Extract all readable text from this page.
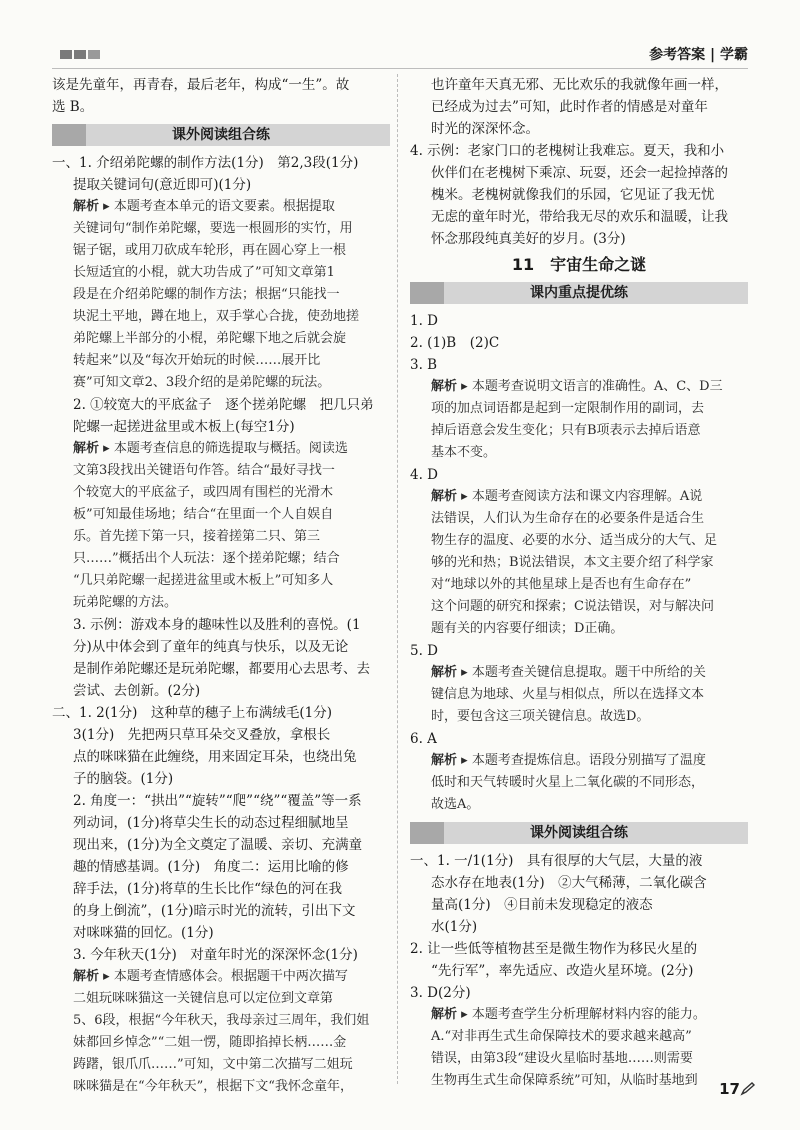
参考答案 | 学霸

该是先童年，再青春，最后老年，构成“一生”。故

选 B。

课外阅读组合练

一、1. 介绍弟陀螺的制作方法(1分)　第2,3段(1分)

提取关键词句(意近即可)(1分)

解析 ▸ 本题考查本单元的语文要素。根据提取

关键词句“制作弟陀螺，要选一根圆形的实竹，用

锯子锯，或用刀砍成车轮形，再在圆心穿上一根

长短适宜的小棍，就大功告成了”可知文章第1

段是在介绍弟陀螺的制作方法；根据“只能找一

块泥土平地，蹲在地上，双手掌心合拢，使劲地搓

弟陀螺上半部分的小棍，弟陀螺下地之后就会旋

转起来”以及“每次开始玩的时候……展开比

赛”可知文章2、3段介绍的是弟陀螺的玩法。

2. ①较宽大的平底盆子　逐个搓弟陀螺　把几只弟

陀螺一起搓进盆里或木板上(每空1分)

解析 ▸ 本题考查信息的筛选提取与概括。阅读选

文第3段找出关键语句作答。结合“最好寻找一

个较宽大的平底盆子，或四周有围栏的光滑木

板”可知最佳场地；结合“在里面一个人自娱自

乐。首先搓下第一只，接着搓第二只、第三

只……”概括出个人玩法：逐个搓弟陀螺；结合

“几只弟陀螺一起搓进盆里或木板上”可知多人

玩弟陀螺的方法。

3. 示例：游戏本身的趣味性以及胜利的喜悦。(1

分)从中体会到了童年的纯真与快乐，以及无论

是制作弟陀螺还是玩弟陀螺，都要用心去思考、去

尝试、去创新。(2分)

二、1. 2(1分)　这种草的穗子上布满绒毛(1分)

3(1分)　先把两只草耳朵交叉叠放，拿根长

点的咪咪猫在此缠绕，用来固定耳朵，也绕出兔

子的脑袋。(1分)

2. 角度一：“拱出”“旋转”“爬”“绕”“覆盖”等一系

列动词，(1分)将草尖生长的动态过程细腻地呈

现出来，(1分)为全文奠定了温暖、亲切、充满童

趣的情感基调。(1分)　角度二：运用比喻的修

辞手法，(1分)将草的生长比作“绿色的河在我

的身上倒流”，(1分)暗示时光的流转，引出下文

对咪咪猫的回忆。(1分)

3. 今年秋天(1分)　对童年时光的深深怀念(1分)

解析 ▸ 本题考查情感体会。根据题干中两次描写

二姐玩咪咪猫这一关键信息可以定位到文章第

5、6段，根据“今年秋天，我母亲过三周年，我们姐

妹都回乡悼念”“二姐一愣，随即掐掉长柄……金

踌躇，银爪爪……”可知，文中第二次描写二姐玩

咪咪猫是在“今年秋天”，根据下文“我怀念童年，

也许童年天真无邪、无比欢乐的我就像年画一样，

已经成为过去”可知，此时作者的情感是对童年

时光的深深怀念。

4. 示例：老家门口的老槐树让我难忘。夏天，我和小

伙伴们在老槐树下乘凉、玩耍，还会一起捡掉落的

槐米。老槐树就像我们的乐园，它见证了我无忧

无虑的童年时光，带给我无尽的欢乐和温暖，让我

怀念那段纯真美好的岁月。(3分)

11 宇宙生命之谜
课内重点提优练

1. D

2. (1)B　(2)C

3. B

解析 ▸ 本题考查说明文语言的准确性。A、C、D三

项的加点词语都是起到一定限制作用的副词，去

掉后语意会发生变化；只有B项表示去掉后语意

基本不变。

4. D

解析 ▸ 本题考查阅读方法和课文内容理解。A说

法错误，人们认为生命存在的必要条件是适合生

物生存的温度、必要的水分、适当成分的大气、足

够的光和热；B说法错误，本文主要介绍了科学家

对“地球以外的其他星球上是否也有生命存在”

这个问题的研究和探索；C说法错误，对与解决问

题有关的内容要仔细读；D正确。

5. D

解析 ▸ 本题考查关键信息提取。题干中所给的关

键信息为地球、火星与相似点，所以在选择文本

时，要包含这三项关键信息。故选D。

6. A

解析 ▸ 本题考查提炼信息。语段分别描写了温度

低时和天气转暖时火星上二氧化碳的不同形态，

故选A。

课外阅读组合练

一、1. 一/1(1分)　具有很厚的大气层，大量的液

态水存在地表(1分)　②大气稀薄，二氧化碳含

量高(1分)　④目前未发现稳定的液态

水(1分)

2. 让一些低等植物甚至是微生物作为移民火星的

“先行军”，率先适应、改造火星环境。(2分)

3. D(2分)

解析 ▸ 本题考查学生分析理解材料内容的能力。

A.“对非再生式生命保障技术的要求越来越高”

错误，由第3段“建设火星临时基地……则需要

生物再生式生命保障系统”可知，从临时基地到	17
